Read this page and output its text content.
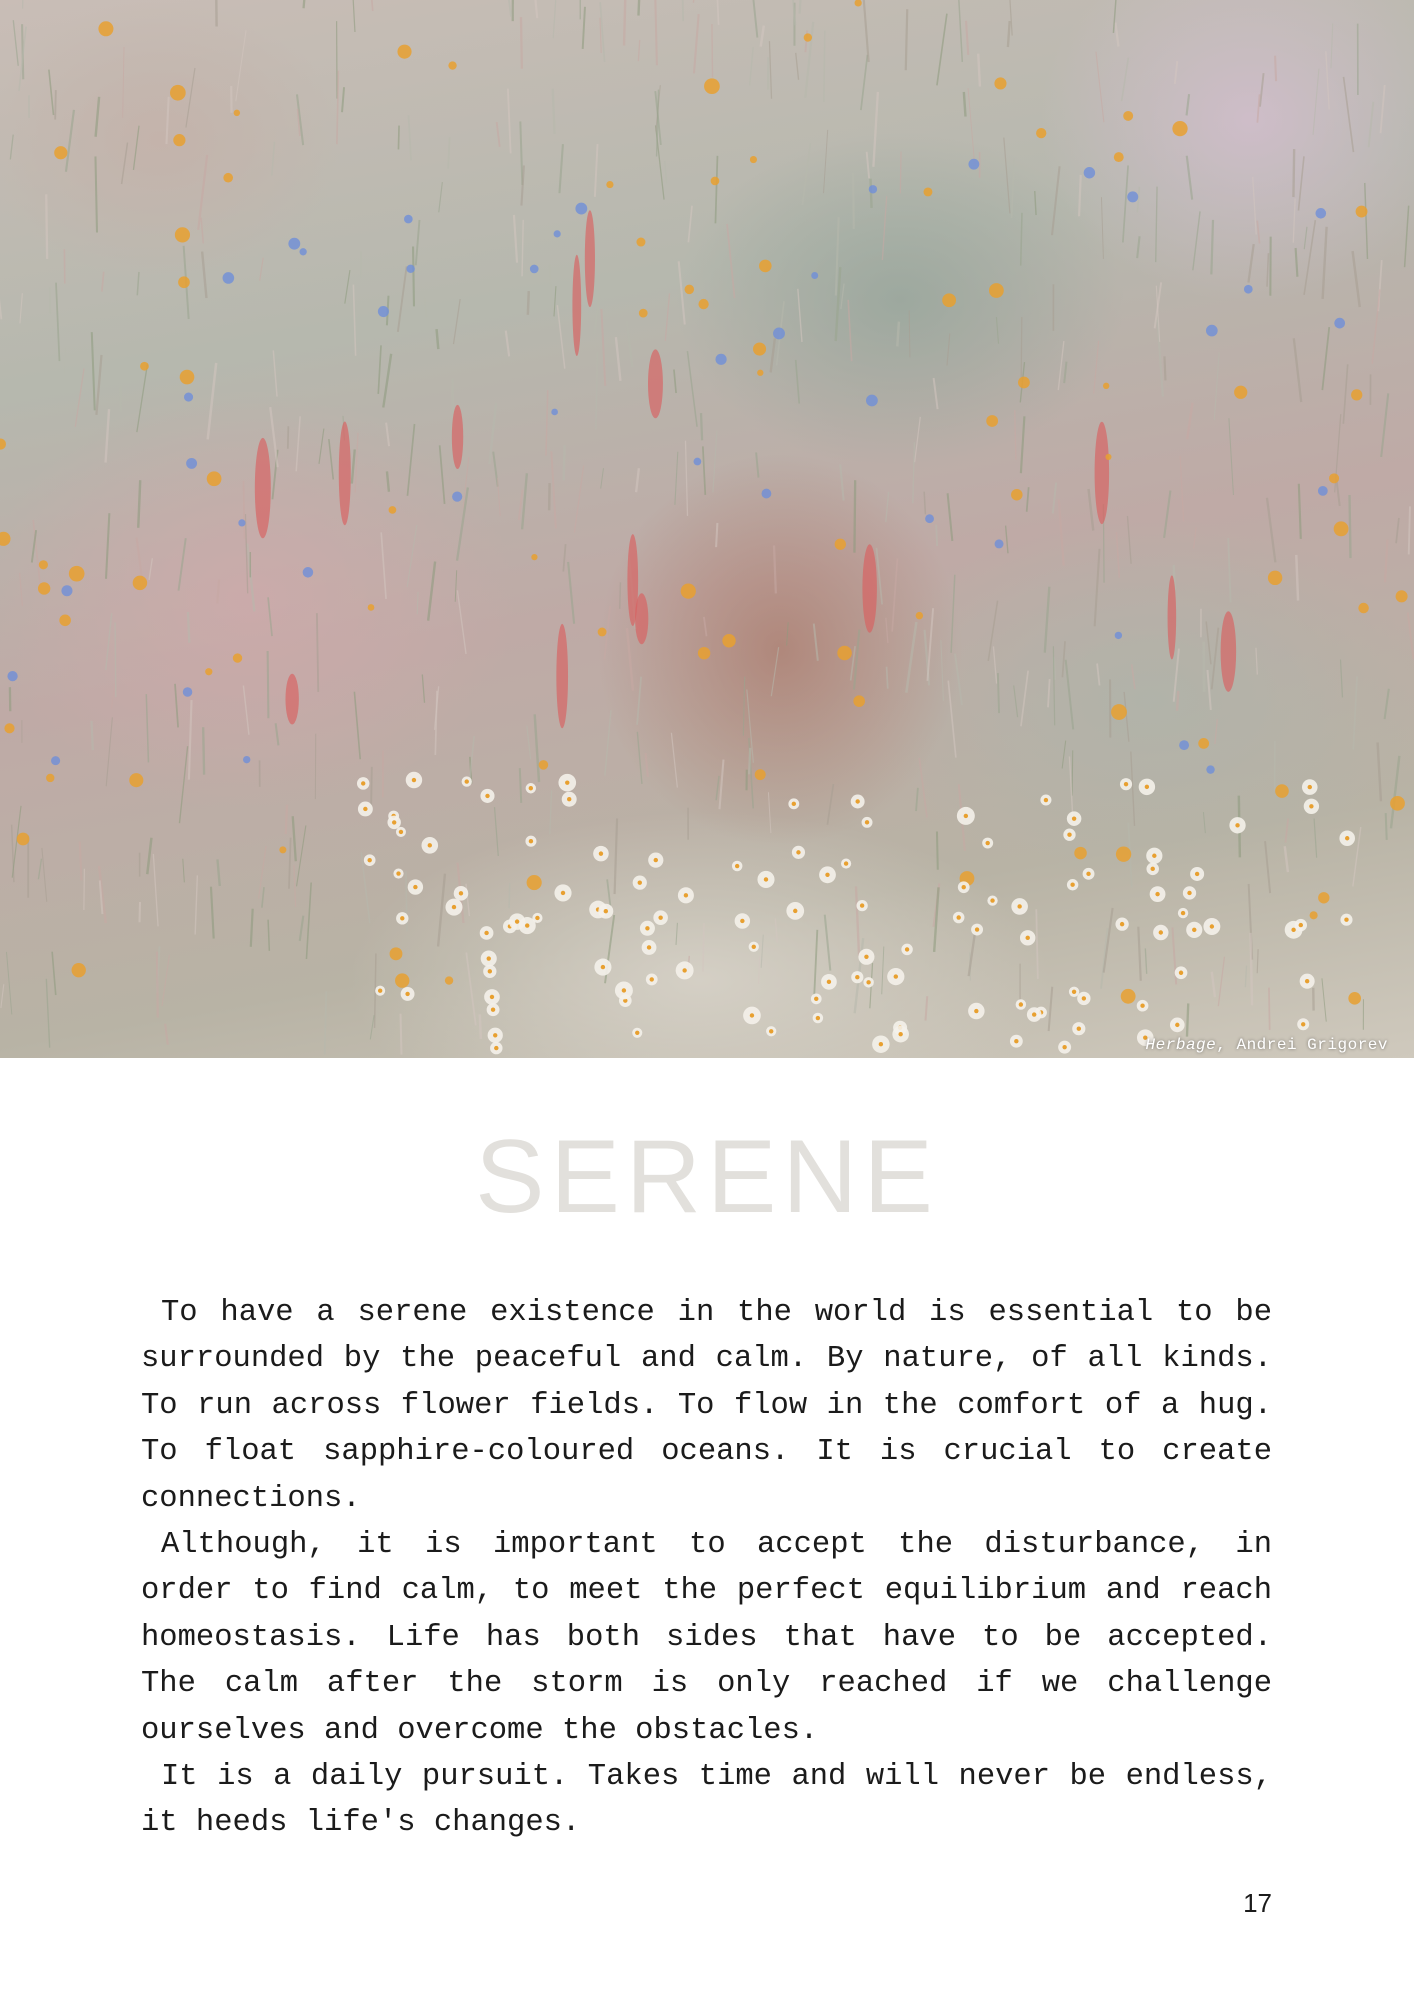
Herbage, Andrei Grigorev
SERENE

To have a serene existence in the world is essential to be surrounded by the peaceful and calm. By nature, of all kinds. To run across flower fields. To flow in the comfort of a hug. To float sapphire-coloured oceans. It is crucial to create connections.

Although, it is important to accept the disturbance, in order to find calm, to meet the perfect equilibrium and reach homeostasis. Life has both sides that have to be accepted. The calm after the storm is only reached if we challenge ourselves and overcome the obstacles.

It is a daily pursuit. Takes time and will never be endless, it heeds life's changes.

17
